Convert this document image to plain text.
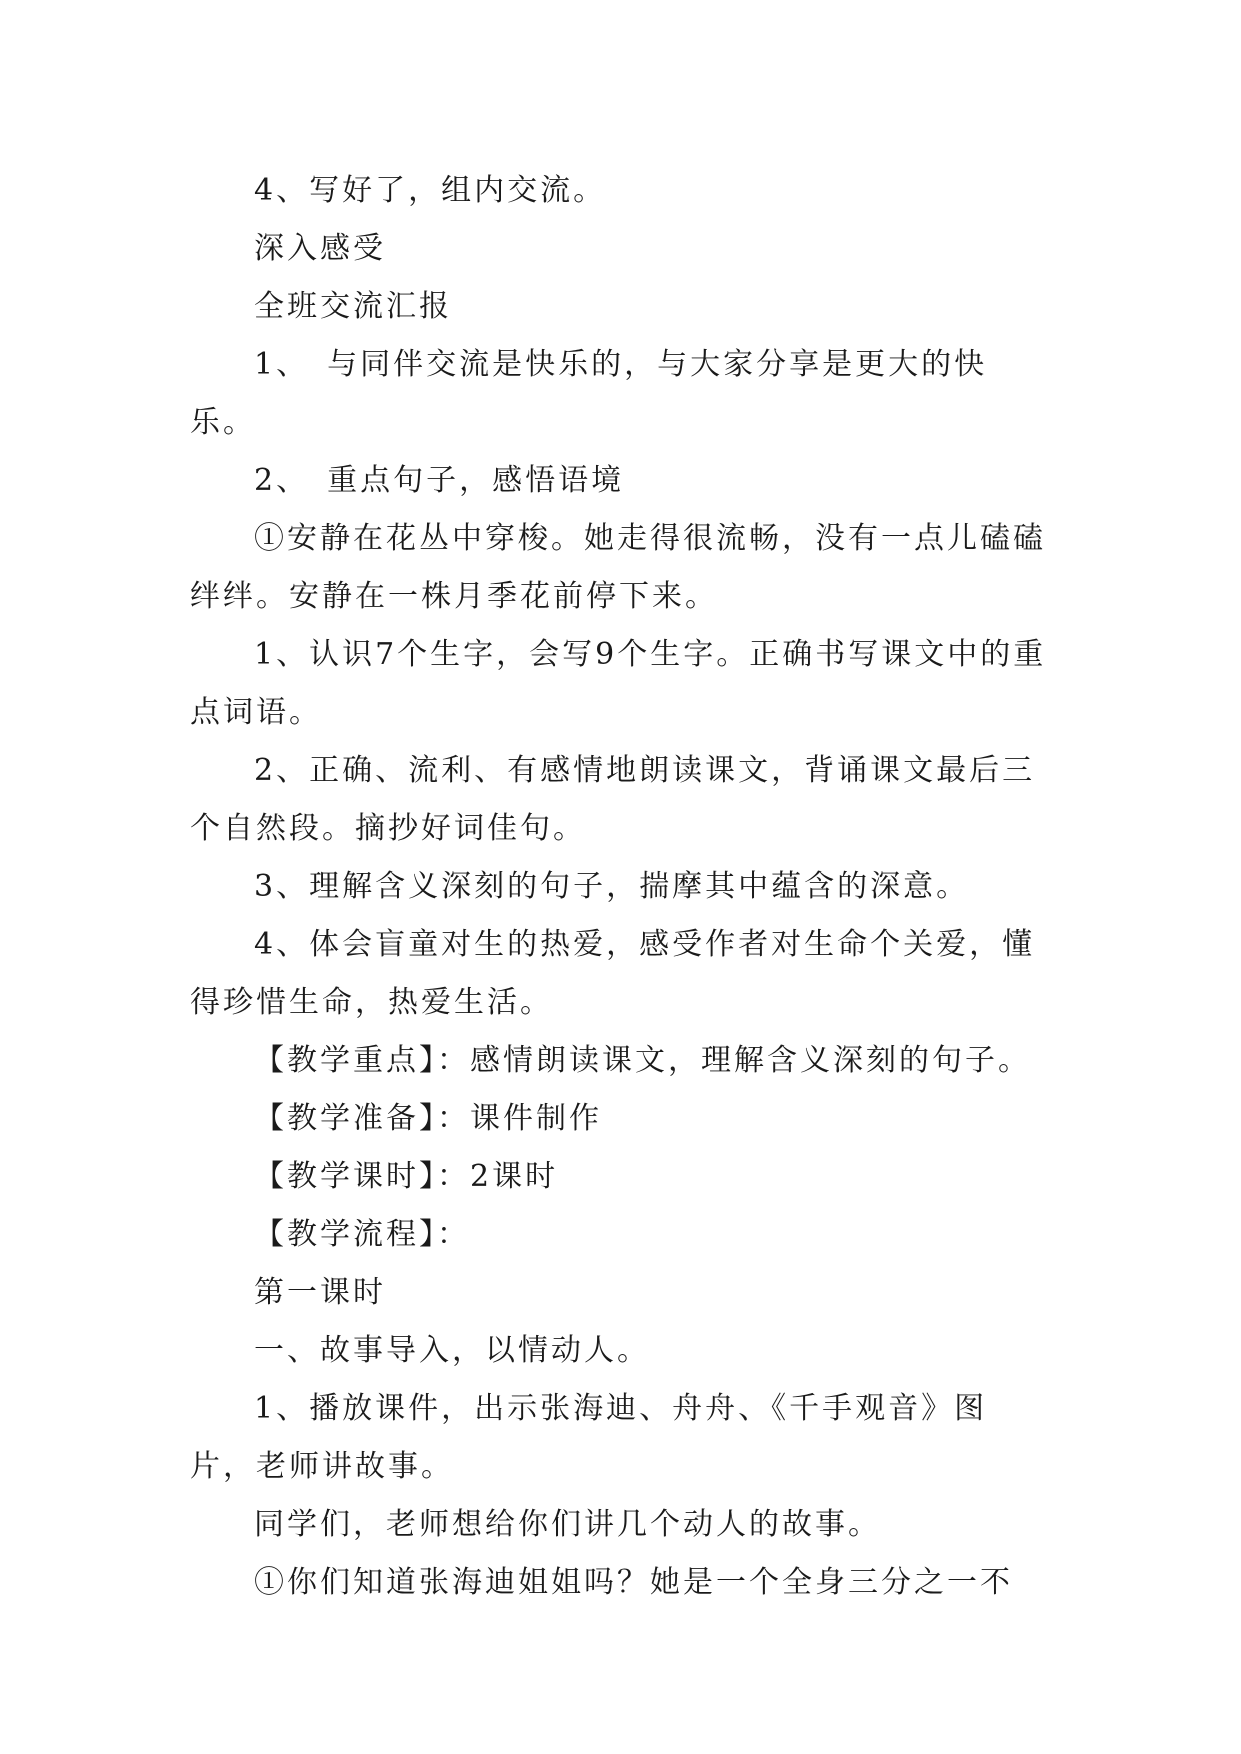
4、写好了，组内交流。

深入感受

全班交流汇报

1、　与同伴交流是快乐的，与大家分享是更大的快乐。

2、　重点句子，感悟语境

①安静在花丛中穿梭。她走得很流畅，没有一点儿磕磕绊绊。安静在一株月季花前停下来。

1、认识7个生字，会写9个生字。正确书写课文中的重点词语。

2、正确、流利、有感情地朗读课文，背诵课文最后三个自然段。摘抄好词佳句。

3、理解含义深刻的句子，揣摩其中蕴含的深意。

4、体会盲童对生的热爱，感受作者对生命个关爱，懂得珍惜生命，热爱生活。

【教学重点】：感情朗读课文，理解含义深刻的句子。

【教学准备】：课件制作

【教学课时】：2课时

【教学流程】：

第一课时

一、故事导入，以情动人。

1、播放课件，出示张海迪、舟舟、《千手观音》图片，老师讲故事。

同学们，老师想给你们讲几个动人的故事。

①你们知道张海迪姐姐吗？她是一个全身三分之一不
